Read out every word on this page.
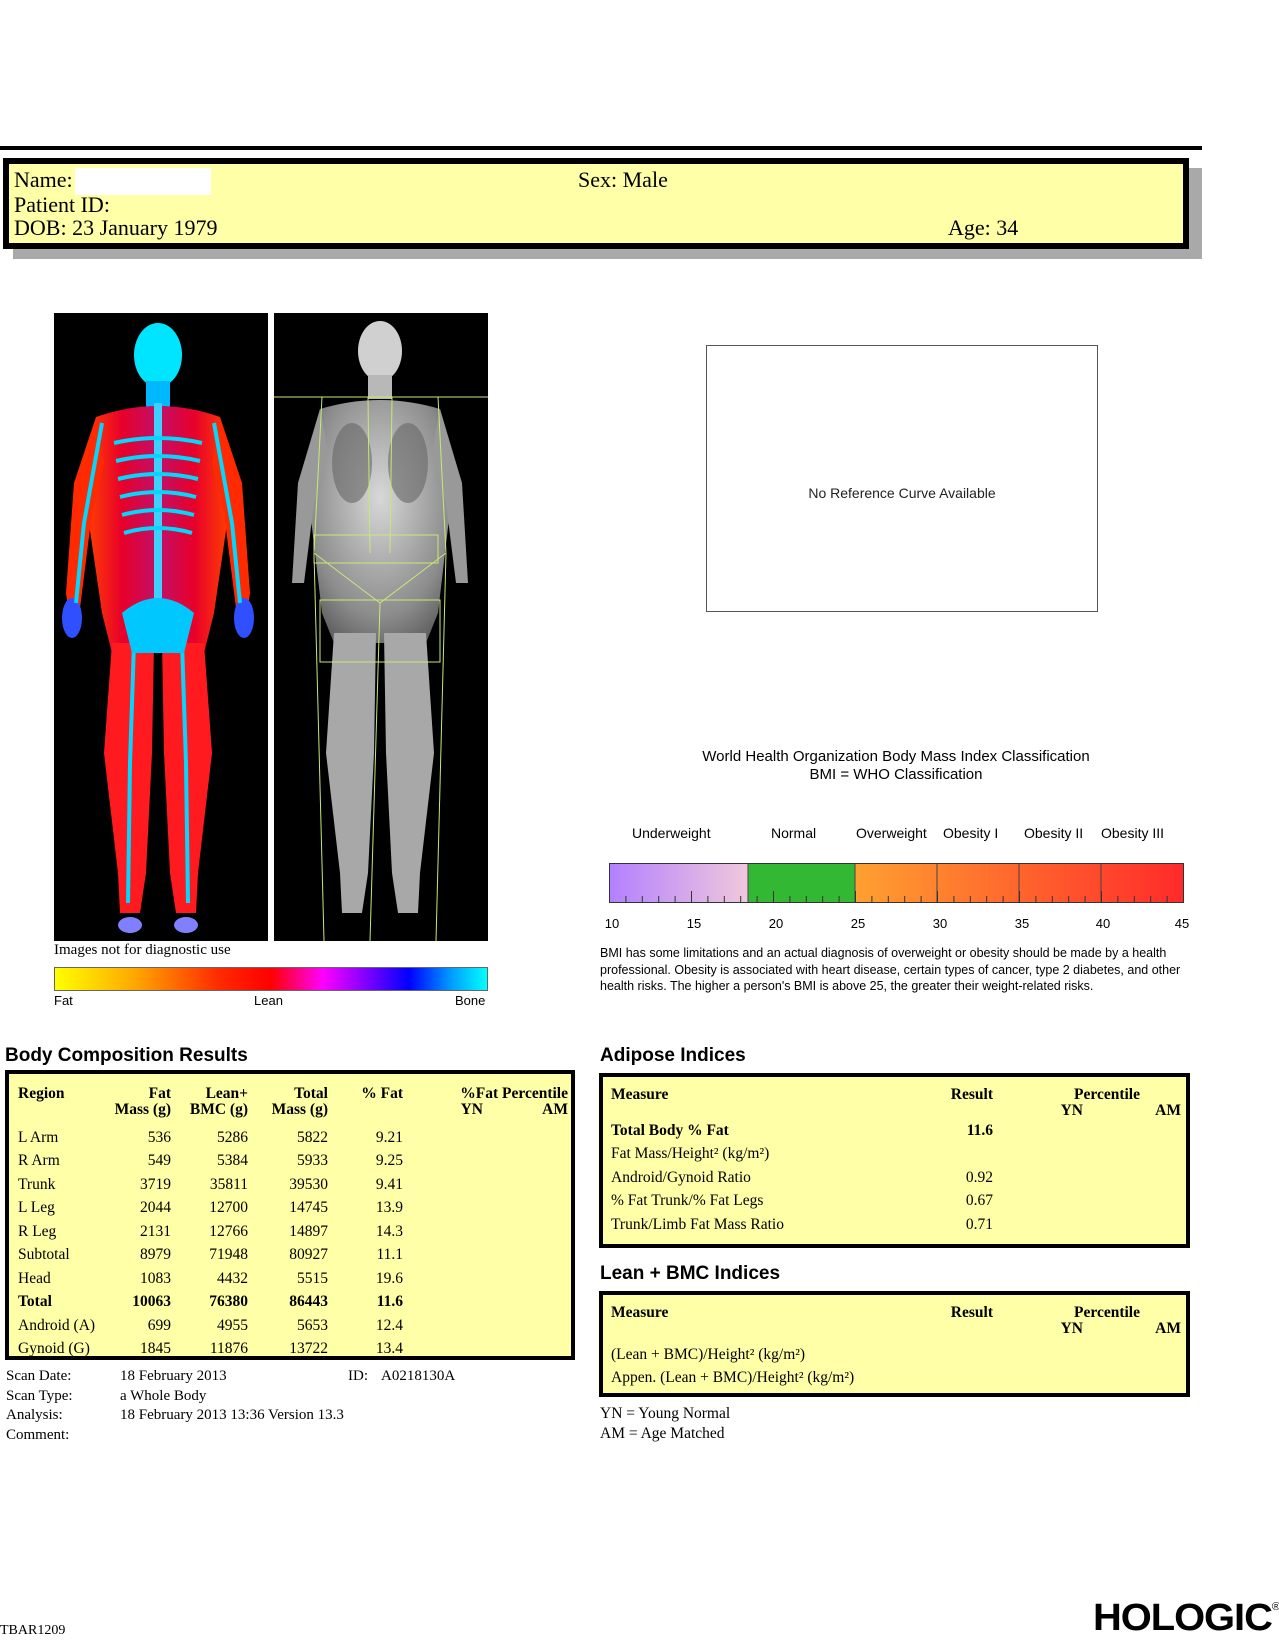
Name:
Patient ID:
DOB: 23 January 1979
Sex: Male
Age: 34
Images not for diagnostic use
Fat	Lean	Bone
No Reference Curve Available
World Health Organization Body Mass Index Classification
BMI = WHO Classification
Underweight	Normal	Overweight Obesity I Obesity II Obesity III
10	15	20	25	30	35	40	45
BMI has some limitations and an actual diagnosis of overweight or obesity should be made by a health professional. Obesity is associated with heart disease, certain types of cancer, type 2 diabetes, and other health risks. The higher a person's BMI is above 25, the greater their weight-related risks.
Body Composition Results
Region	Fat	Lean+	Total	% Fat	%Fat Percentile	
	Mass (g)	BMC (g)	Mass (g)		YN	AM

L Arm	536	5286	5822	9.21		
R Arm	549	5384	5933	9.25		
Trunk	3719	35811	39530	9.41		
L Leg	2044	12700	14745	13.9		
R Leg	2131	12766	14897	14.3		
Subtotal	8979	71948	80927	11.1		
Head	1083	4432	5515	19.6		
Total	10063	76380	86443	11.6		
Android (A)	699	4955	5653	12.4		
Gynoid (G)	1845	11876	13722	13.4		
Scan Date:	18 February 2013	ID: A0218130A
Scan Type:	a Whole Body
Analysis:	18 February 2013 13:36 Version 13.3
Comment:
Adipose Indices
Measure	Result	Percentile	
		YN	AM
Total Body % Fat	11.6		
Fat Mass/Height² (kg/m²)			
Android/Gynoid Ratio	0.92		
% Fat Trunk/% Fat Legs	0.67		
Trunk/Limb Fat Mass Ratio	0.71		
Lean + BMC Indices
Measure	Result	Percentile	
		YN	AM

(Lean + BMC)/Height² (kg/m²)			
Appen. (Lean + BMC)/Height² (kg/m²)			
YN = Young Normal
AM = Age Matched
TBAR1209	HOLOGIC®
